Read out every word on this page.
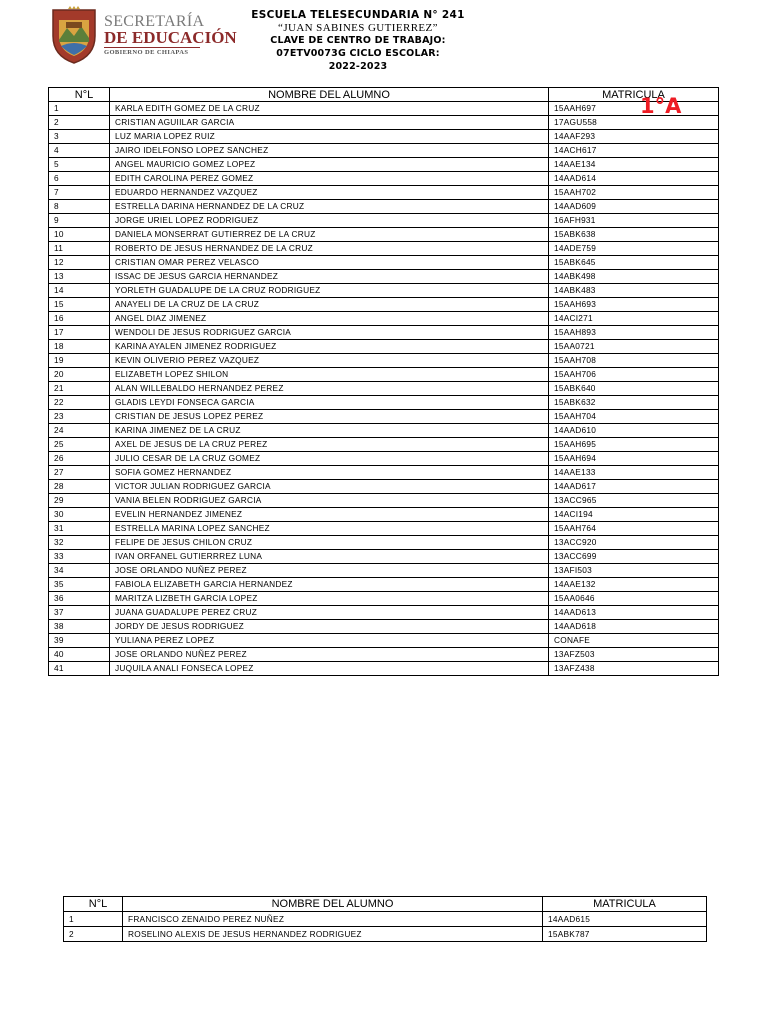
SECRETARÍA
DE EDUCACIÓN
GOBIERNO DE CHIAPAS
ESCUELA TELESECUNDARIA N° 241
“JUAN SABINES GUTIERREZ”
CLAVE DE CENTRO DE TRABAJO:
07ETV0073G CICLO ESCOLAR:
2022-2023
N°L	NOMBRE DEL ALUMNO	MATRICULA
1	KARLA EDITH GOMEZ DE LA CRUZ	15AAH697
2	CRISTIAN AGUIILAR GARCIA	17AGU558
3	LUZ MARIA LOPEZ RUIZ	14AAF293
4	JAIRO IDELFONSO LOPEZ SANCHEZ	14ACH617
5	ANGEL MAURICIO GOMEZ LOPEZ	14AAE134
6	EDITH CAROLINA PEREZ GOMEZ	14AAD614
7	EDUARDO HERNANDEZ VAZQUEZ	15AAH702
8	ESTRELLA DARINA HERNANDEZ DE LA CRUZ	14AAD609
9	JORGE URIEL LOPEZ RODRIGUEZ	16AFH931
10	DANIELA MONSERRAT GUTIERREZ DE LA CRUZ	15ABK638
11	ROBERTO DE JESUS HERNANDEZ DE LA CRUZ	14ADE759
12	CRISTIAN OMAR PEREZ VELASCO	15ABK645
13	ISSAC DE JESUS GARCIA HERNANDEZ	14ABK498
14	YORLETH GUADALUPE DE LA CRUZ RODRIGUEZ	14ABK483
15	ANAYELI DE LA CRUZ DE LA CRUZ	15AAH693
16	ANGEL DIAZ JIMENEZ	14ACI271
17	WENDOLI DE JESUS RODRIGUEZ GARCIA	15AAH893
18	KARINA AYALEN JIMENEZ RODRIGUEZ	15AA0721
19	KEVIN OLIVERIO PEREZ VAZQUEZ	15AAH708
20	ELIZABETH LOPEZ SHILON	15AAH706
21	ALAN WILLEBALDO HERNANDEZ PEREZ	15ABK640
22	GLADIS LEYDI FONSECA GARCIA	15ABK632
23	CRISTIAN DE JESUS LOPEZ PEREZ	15AAH704
24	KARINA JIMENEZ DE LA CRUZ	14AAD610
25	AXEL DE JESUS DE LA CRUZ PEREZ	15AAH695
26	JULIO CESAR DE LA CRUZ GOMEZ	15AAH694
27	SOFIA GOMEZ HERNANDEZ	14AAE133
28	VICTOR JULIAN RODRIGUEZ GARCIA	14AAD617
29	VANIA BELEN RODRIGUEZ GARCIA	13ACC965
30	EVELIN HERNANDEZ JIMENEZ	14ACI194
31	ESTRELLA MARINA LOPEZ SANCHEZ	15AAH764
32	FELIPE DE JESUS CHILON CRUZ	13ACC920
33	IVAN ORFANEL GUTIERRREZ LUNA	13ACC699
34	JOSE ORLANDO NUÑEZ PEREZ	13AFI503
35	FABIOLA ELIZABETH GARCIA HERNANDEZ	14AAE132
36	MARITZA LIZBETH GARCIA LOPEZ	15AA0646
37	JUANA GUADALUPE PEREZ CRUZ	14AAD613
38	JORDY DE JESUS RODRIGUEZ	14AAD618
39	YULIANA PEREZ LOPEZ	CONAFE
40	JOSE ORLANDO NUÑEZ PEREZ	13AFZ503
41	JUQUILA ANALI FONSECA LOPEZ	13AFZ438
1°A
N°L	NOMBRE DEL ALUMNO	MATRICULA
1	FRANCISCO ZENAIDO PEREZ NUÑEZ	14AAD615
2	ROSELINO ALEXIS DE JESUS HERNANDEZ RODRIGUEZ	15ABK787
